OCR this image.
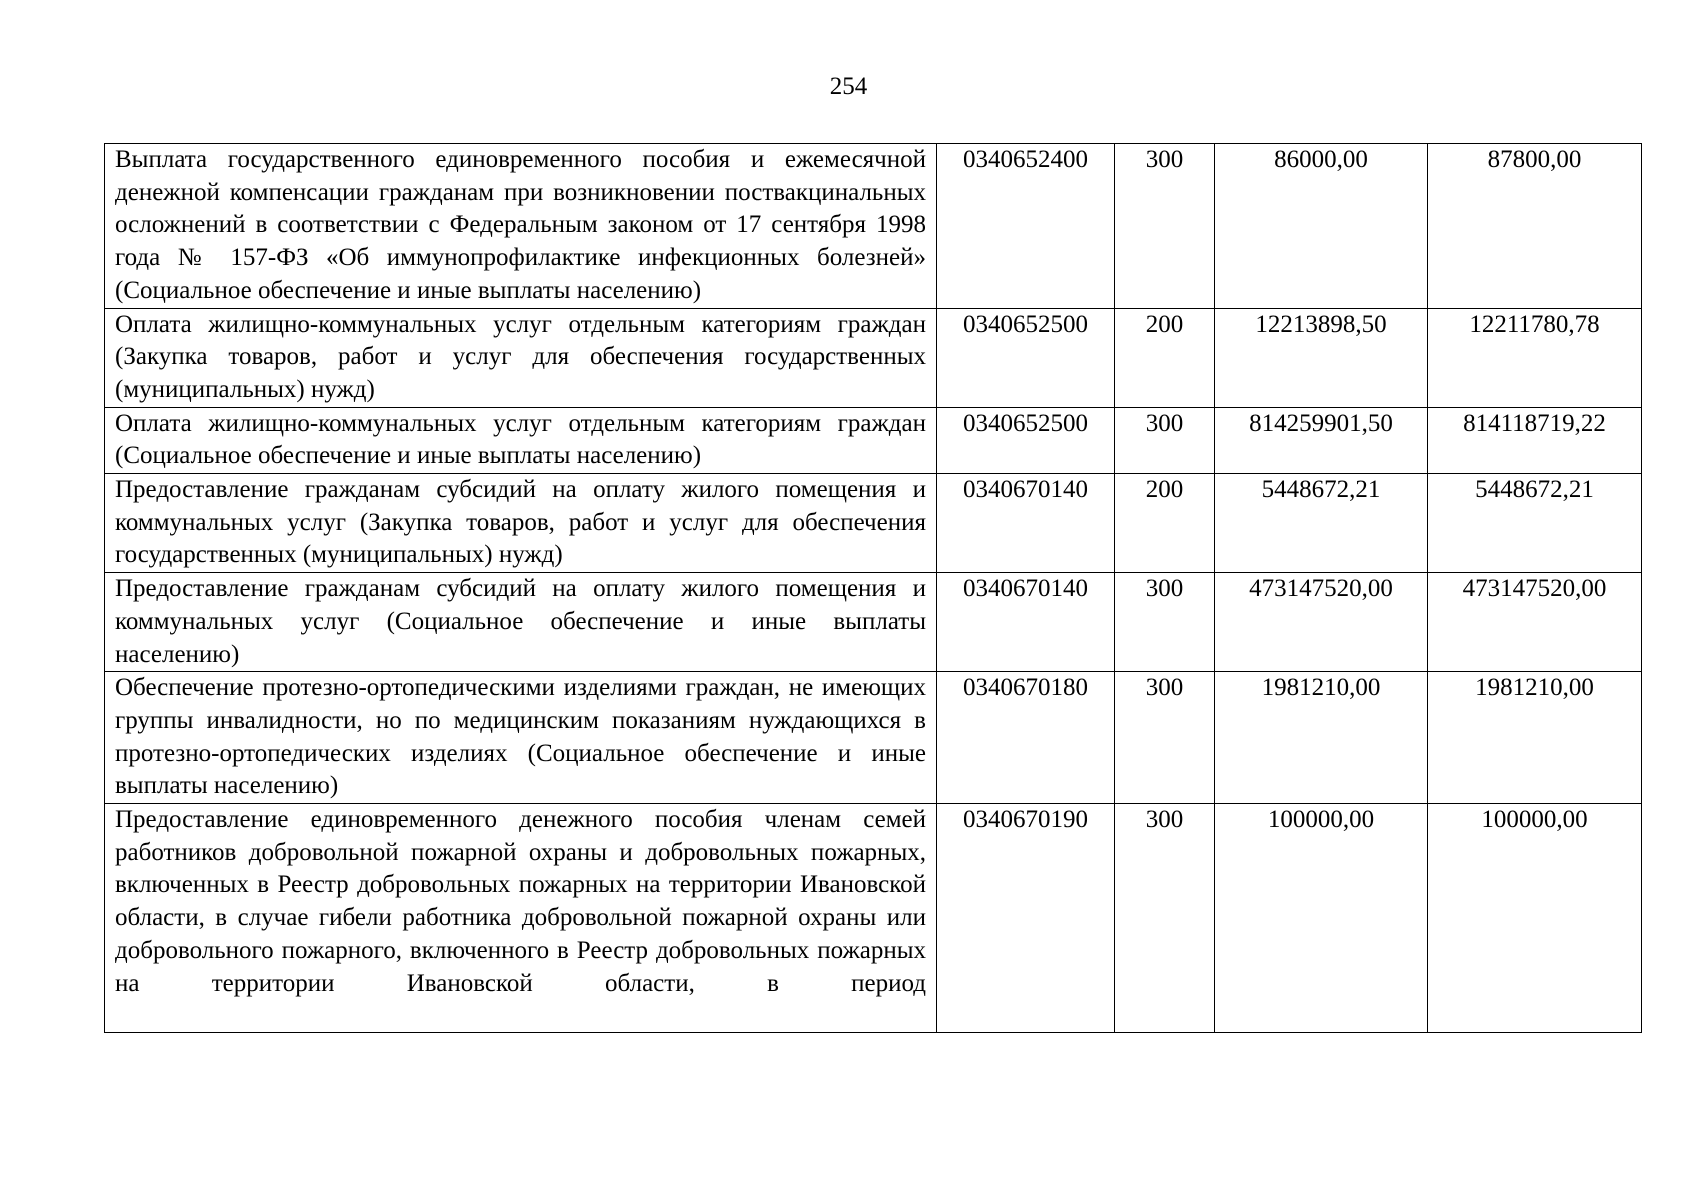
254
Выплата государственного единовременного пособия и ежемесячной денежной компенсации гражданам при возникновении поствакцинальных осложнений в соответствии с Федеральным законом от 17 сентября 1998 года № 157-ФЗ «Об иммунопрофилактике инфекционных болезней» (Социальное обеспечение и иные выплаты населению)	0340652400	300	86000,00	87800,00
Оплата жилищно-коммунальных услуг отдельным категориям граждан (Закупка товаров, работ и услуг для обеспечения государственных (муниципальных) нужд)	0340652500	200	12213898,50	12211780,78
Оплата жилищно-коммунальных услуг отдельным категориям граждан (Социальное обеспечение и иные выплаты населению)	0340652500	300	814259901,50	814118719,22
Предоставление гражданам субсидий на оплату жилого помещения и коммунальных услуг (Закупка товаров, работ и услуг для обеспечения государственных (муниципальных) нужд)	0340670140	200	5448672,21	5448672,21
Предоставление гражданам субсидий на оплату жилого помещения и коммунальных услуг (Социальное обеспечение и иные выплаты населению)	0340670140	300	473147520,00	473147520,00
Обеспечение протезно-ортопедическими изделиями граждан, не имеющих группы инвалидности, но по медицинским показаниям нуждающихся в протезно-ортопедических изделиях (Социальное обеспечение и иные выплаты населению)	0340670180	300	1981210,00	1981210,00

Предоставление единовременного денежного пособия членам семей работников добровольной пожарной охраны и добровольных пожарных, включенных в Реестр добровольных пожарных на территории Ивановской области, в случае гибели работника добровольной пожарной охраны или добровольного пожарного, включенного в Реестр добровольных пожарных на территории Ивановской области, в период	0340670190	300	100000,00	100000,00
